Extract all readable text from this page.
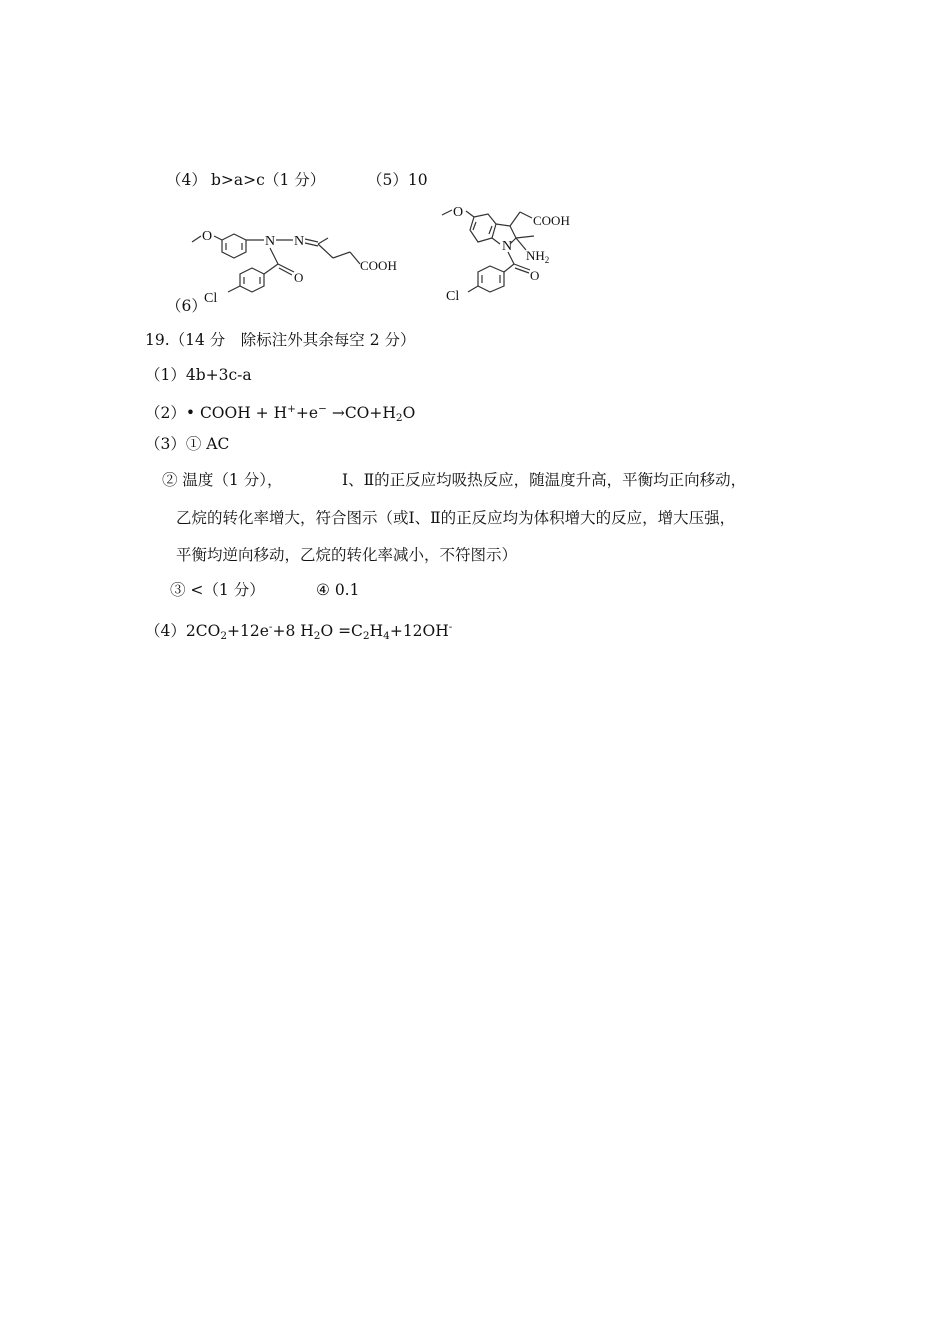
（4） b>a>c （1 分）	（5）10
（6）
O	N N
COOH
O
Cl
O
COOH
N
$NH_2$
O
Cl
19.（14 分　除标注外其余每空 2 分）
（1）4b+3c-a
（2）• COOH + $H^++e^- \to CO+H_2O$
（3）① AC
② 温度（1 分），	Ⅰ、Ⅱ的正反应均吸热反应，随温度升高，平衡均正向移动，
乙烷的转化率增大，符合图示（或Ⅰ、Ⅱ的正反应均为体积增大的反应，增大压强，
平衡均逆向移动，乙烷的转化率减小，不符图示）
③ <（1 分）	④ 0.1
$(4)2CO_2+12e^-+8$ $H_2O =C_2H_4+12OH^-$
